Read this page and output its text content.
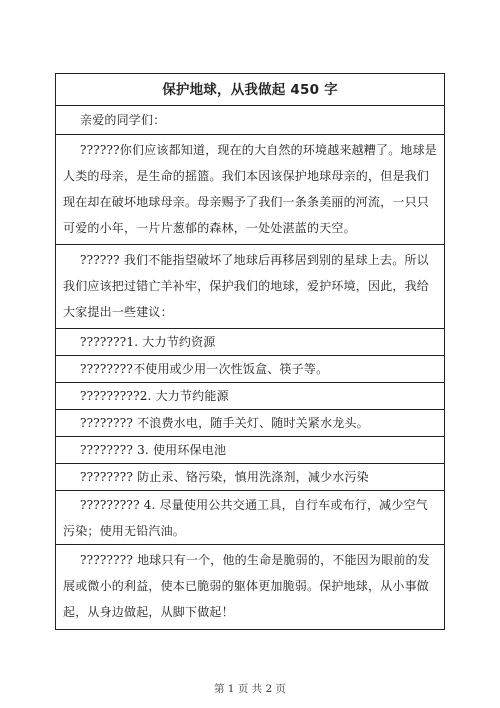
保护地球，从我做起 450 字
亲爱的同学们：
??????你们应该都知道，现在的大自然的环境越来越糟了。地球是人类的母亲，是生命的摇篮。我们本因该保护地球母亲的，但是我们现在却在破坏地球母亲。母亲赐予了我们一条条美丽的河流，一只只可爱的小年，一片片葱郁的森林，一处处湛蓝的天空。
?????? 我们不能指望破坏了地球后再移居到别的星球上去。所以我们应该把过错亡羊补牢，保护我们的地球，爱护环境，因此，我给大家提出一些建议：
???????1. 大力节约资源
????????不使用或少用一次性饭盒、筷子等。
?????????2. 大力节约能源
???????? 不浪费水电，随手关灯、随时关紧水龙头。
???????? 3. 使用环保电池
???????? 防止汞、铬污染，慎用洗涤剂，减少水污染
????????? 4. 尽量使用公共交通工具，自行车或布行，减少空气污染；使用无铅汽油。
???????? 地球只有一个，他的生命是脆弱的，不能因为眼前的发展或微小的利益，使本已脆弱的躯体更加脆弱。保护地球，从小事做起，从身边做起，从脚下做起！
第 1 页 共 2 页
